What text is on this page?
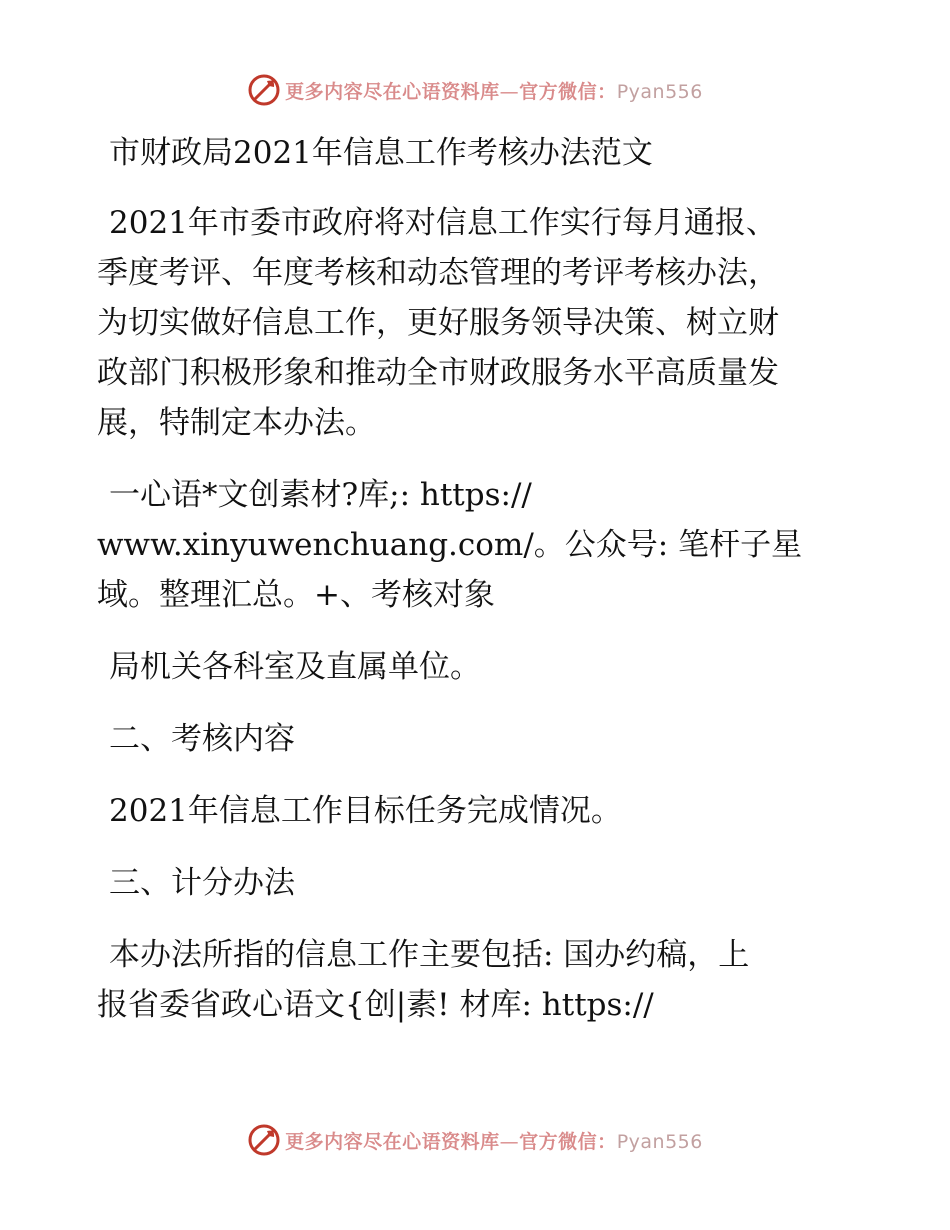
更多内容尽在心语资料库—官方微信：Pyan556

市财政局2021年信息工作考核办法范文

2021年市委市政府将对信息工作实行每月通报、

季度考评、年度考核和动态管理的考评考核办法，

为切实做好信息工作，更好服务领导决策、树立财

政部门积极形象和推动全市财政服务水平高质量发

展，特制定本办法。

一心语*文创素材?库;: https://

www.xinyuwenchuang.com/。公众号: 笔杆子星

域。整理汇总。+、考核对象

局机关各科室及直属单位。

二、考核内容

2021年信息工作目标任务完成情况。

三、计分办法

本办法所指的信息工作主要包括: 国办约稿，上

报省委省政心语文{创|素! 材库: https://

更多内容尽在心语资料库—官方微信：Pyan556
